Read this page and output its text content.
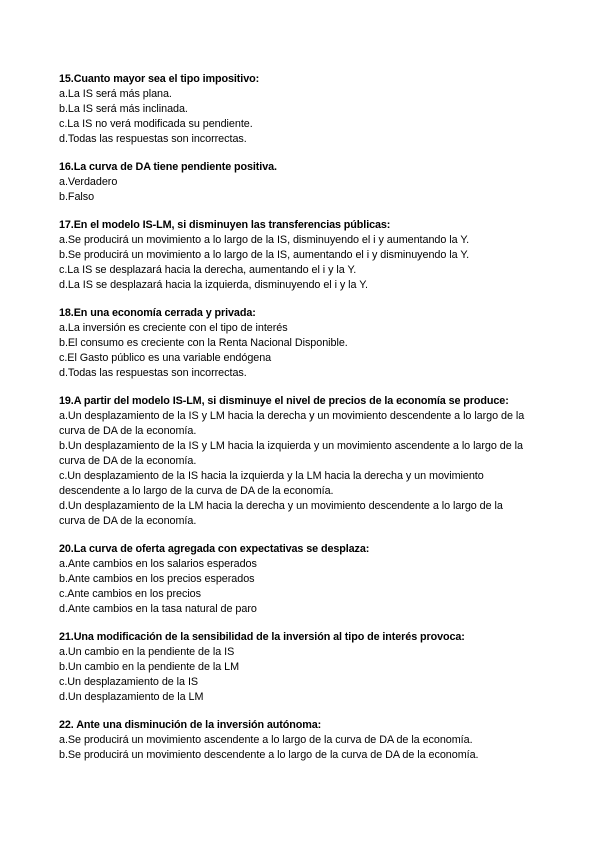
15.Cuanto mayor sea el tipo impositivo:
a.La IS será más plana.
b.La IS será más inclinada.
c.La IS no verá modificada su pendiente.
d.Todas las respuestas son incorrectas.
16.La curva de DA tiene pendiente positiva.
a.Verdadero
b.Falso
17.En el modelo IS-LM, si disminuyen las transferencias públicas:
a.Se producirá un movimiento a lo largo de la IS, disminuyendo el i y aumentando la Y.
b.Se producirá un movimiento a lo largo de la IS, aumentando el i y disminuyendo la Y.
c.La IS se desplazará hacia la derecha, aumentando el i y la Y.
d.La IS se desplazará hacia la izquierda, disminuyendo el i y la Y.
18.En una economía cerrada y privada:
a.La inversión es creciente con el tipo de interés
b.El consumo es creciente con la Renta Nacional Disponible.
c.El Gasto público es una variable endógena
d.Todas las respuestas son incorrectas.
19.A partir del modelo IS-LM, si disminuye el nivel de precios de la economía se produce:
a.Un desplazamiento de la IS y LM hacia la derecha y un movimiento descendente a lo largo de la curva de DA de la economía.
b.Un desplazamiento de la IS y LM hacia la izquierda y un movimiento ascendente a lo largo de la curva de DA de la economía.
c.Un desplazamiento de la IS hacia la izquierda y la LM hacia la derecha y un movimiento descendente a lo largo de la curva de DA de la economía.
d.Un desplazamiento de la LM hacia la derecha y un movimiento descendente a lo largo de la curva de DA de la economía.
20.La curva de oferta agregada con expectativas se desplaza:
a.Ante cambios en los salarios esperados
b.Ante cambios en los precios esperados
c.Ante cambios en los precios
d.Ante cambios en la tasa natural de paro
21.Una modificación de la sensibilidad de la inversión al tipo de interés provoca:
a.Un cambio en la pendiente de la IS
b.Un cambio en la pendiente de la LM
c.Un desplazamiento de la IS
d.Un desplazamiento de la LM
22. Ante una disminución de la inversión autónoma:
a.Se producirá un movimiento ascendente a lo largo de la curva de DA de la economía.
b.Se producirá un movimiento descendente a lo largo de la curva de DA de la economía.
